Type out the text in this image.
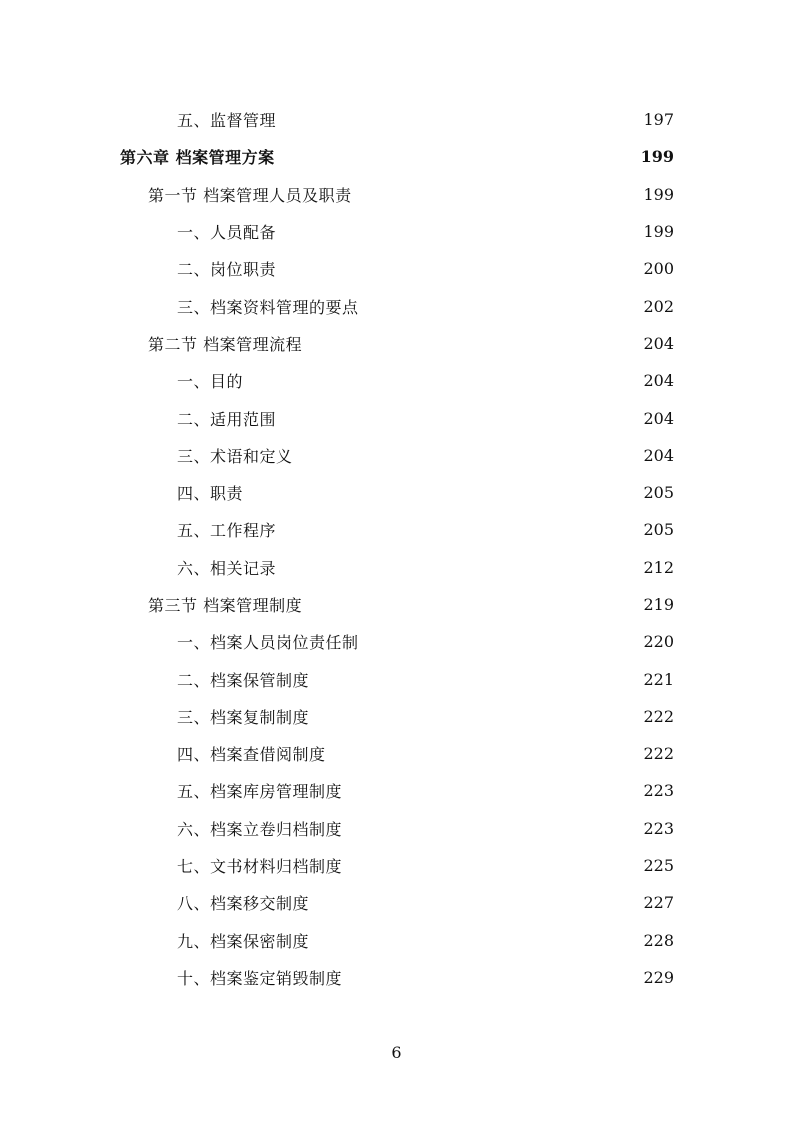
五、监督管理	197
第六章 档案管理方案	199
第一节 档案管理人员及职责	199
一、人员配备	199
二、岗位职责	200
三、档案资料管理的要点	202
第二节 档案管理流程	204
一、目的	204
二、适用范围	204
三、术语和定义	204
四、职责	205
五、工作程序	205
六、相关记录	212
第三节 档案管理制度	219
一、档案人员岗位责任制	220
二、档案保管制度	221
三、档案复制制度	222
四、档案查借阅制度	222
五、档案库房管理制度	223
六、档案立卷归档制度	223
七、文书材料归档制度	225
八、档案移交制度	227
九、档案保密制度	228
十、档案鉴定销毁制度	229
6
